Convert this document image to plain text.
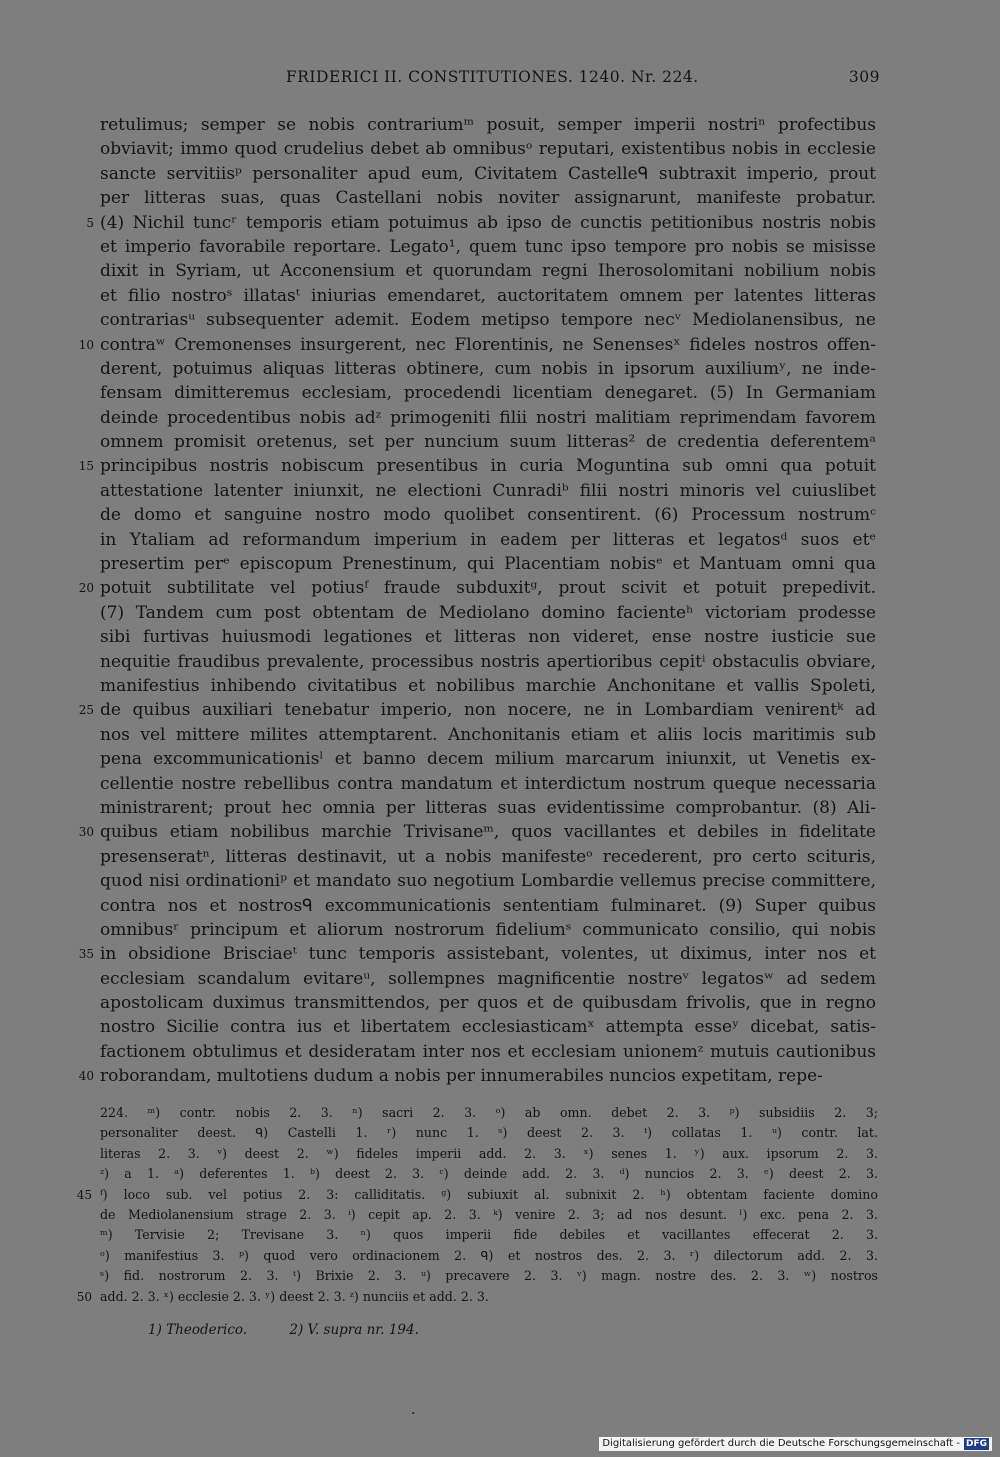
FRIDERICI II. CONSTITUTIONES. 1240. Nr. 224.	309
retulimus; semper se nobis contrariumᵐ posuit, semper imperii nostriⁿ profectibus
obviavit; immo quod crudelius debet ab omnibusᵒ reputari, existentibus nobis in ecclesie
sancte servitiisᵖ personaliter apud eum, Civitatem Castelleᑫ subtraxit imperio, prout
per litteras suas, quas Castellani nobis noviter assignarunt, manifeste probatur.
5 (4) Nichil tuncʳ temporis etiam potuimus ab ipso de cunctis petitionibus nostris nobis
et imperio favorabile reportare. Legato¹, quem tunc ipso tempore pro nobis se misisse
dixit in Syriam, ut Acconensium et quorundam regni Iherosolomitani nobilium nobis
et filio nostroˢ illatasᵗ iniurias emendaret, auctoritatem omnem per latentes litteras
contrariasᵘ subsequenter ademit. Eodem metipso tempore necᵛ Mediolanensibus, ne
10 contraʷ Cremonenses insurgerent, nec Florentinis, ne Senensesˣ fideles nostros offen-
derent, potuimus aliquas litteras obtinere, cum nobis in ipsorum auxiliumʸ, ne inde-
fensam dimitteremus ecclesiam, procedendi licentiam denegaret. (5) In Germaniam
deinde procedentibus nobis adᶻ primogeniti filii nostri malitiam reprimendam favorem
omnem promisit oretenus, set per nuncium suum litteras² de credentia deferentemᵃ
15 principibus nostris nobiscum presentibus in curia Moguntina sub omni qua potuit
attestatione latenter iniunxit, ne electioni Cunradiᵇ filii nostri minoris vel cuiuslibet
de domo et sanguine nostro modo quolibet consentirent. (6) Processum nostrumᶜ
in Ytaliam ad reformandum imperium in eadem per litteras et legatosᵈ suos etᵉ
presertim perᵉ episcopum Prenestinum, qui Placentiam nobisᵉ et Mantuam omni qua
20 potuit subtilitate vel potiusᶠ fraude subduxitᵍ, prout scivit et potuit prepedivit.
(7) Tandem cum post obtentam de Mediolano domino facienteʰ victoriam prodesse
sibi furtivas huiusmodi legationes et litteras non videret, ense nostre iusticie sue
nequitie fraudibus prevalente, processibus nostris apertioribus cepitⁱ obstaculis obviare,
manifestius inhibendo civitatibus et nobilibus marchie Anchonitane et vallis Spoleti,
25 de quibus auxiliari tenebatur imperio, non nocere, ne in Lombardiam venirentᵏ ad
nos vel mittere milites attemptarent. Anchonitanis etiam et aliis locis maritimis sub
pena excommunicationisˡ et banno decem milium marcarum iniunxit, ut Venetis ex-
cellentie nostre rebellibus contra mandatum et interdictum nostrum queque necessaria
ministrarent; prout hec omnia per litteras suas evidentissime comprobantur. (8) Ali-
30 quibus etiam nobilibus marchie Trivisaneᵐ, quos vacillantes et debiles in fidelitate
presenseratⁿ, litteras destinavit, ut a nobis manifesteᵒ recederent, pro certo scituris,
quod nisi ordinationiᵖ et mandato suo negotium Lombardie vellemus precise committere,
contra nos et nostrosᑫ excommunicationis sententiam fulminaret. (9) Super quibus
omnibusʳ principum et aliorum nostrorum fideliumˢ communicato consilio, qui nobis
35 in obsidione Brisciaeᵗ tunc temporis assistebant, volentes, ut diximus, inter nos et
ecclesiam scandalum evitareᵘ, sollempnes magnificentie nostreᵛ legatosʷ ad sedem
apostolicam duximus transmittendos, per quos et de quibusdam frivolis, que in regno
nostro Sicilie contra ius et libertatem ecclesiasticamˣ attempta esseʸ dicebat, satis-
factionem obtulimus et desideratam inter nos et ecclesiam unionemᶻ mutuis cautionibus
40 roborandam, multotiens dudum a nobis per innumerabiles nuncios expetitam, repe-
224. ᵐ) contr. nobis 2. 3. ⁿ) sacri 2. 3. ᵒ) ab omn. debet 2. 3. ᵖ) subsidiis 2. 3;
personaliter deest. ᑫ) Castelli 1. ʳ) nunc 1. ˢ) deest 2. 3. ᵗ) collatas 1. ᵘ) contr. lat.
literas 2. 3. ᵛ) deest 2. ʷ) fideles imperii add. 2. 3. ˣ) senes 1. ʸ) aux. ipsorum 2. 3.
ᶻ) a 1. ᵃ) deferentes 1. ᵇ) deest 2. 3. ᶜ) deinde add. 2. 3. ᵈ) nuncios 2. 3. ᵉ) deest 2. 3.
45 ᶠ) loco sub. vel potius 2. 3: calliditatis. ᵍ) subiuxit al. subnixit 2. ʰ) obtentam faciente domino
de Mediolanensium strage 2. 3. ⁱ) cepit ap. 2. 3. ᵏ) venire 2. 3; ad nos desunt. ˡ) exc. pena 2. 3.
ᵐ) Tervisie 2; Trevisane 3. ⁿ) quos imperii fide debiles et vacillantes effecerat 2. 3.
ᵒ) manifestius 3. ᵖ) quod vero ordinacionem 2. ᑫ) et nostros des. 2. 3. ʳ) dilectorum add. 2. 3.
ˢ) fid. nostrorum 2. 3. ᵗ) Brixie 2. 3. ᵘ) precavere 2. 3. ᵛ) magn. nostre des. 2. 3. ʷ) nostros
50 add. 2. 3. ˣ) ecclesie 2. 3. ʸ) deest 2. 3. ᶻ) nunciis et add. 2. 3.
1) Theoderico.	2) V. supra nr. 194.
·
Digitalisierung gefördert durch die Deutsche Forschungsgemeinschaft - DFG
